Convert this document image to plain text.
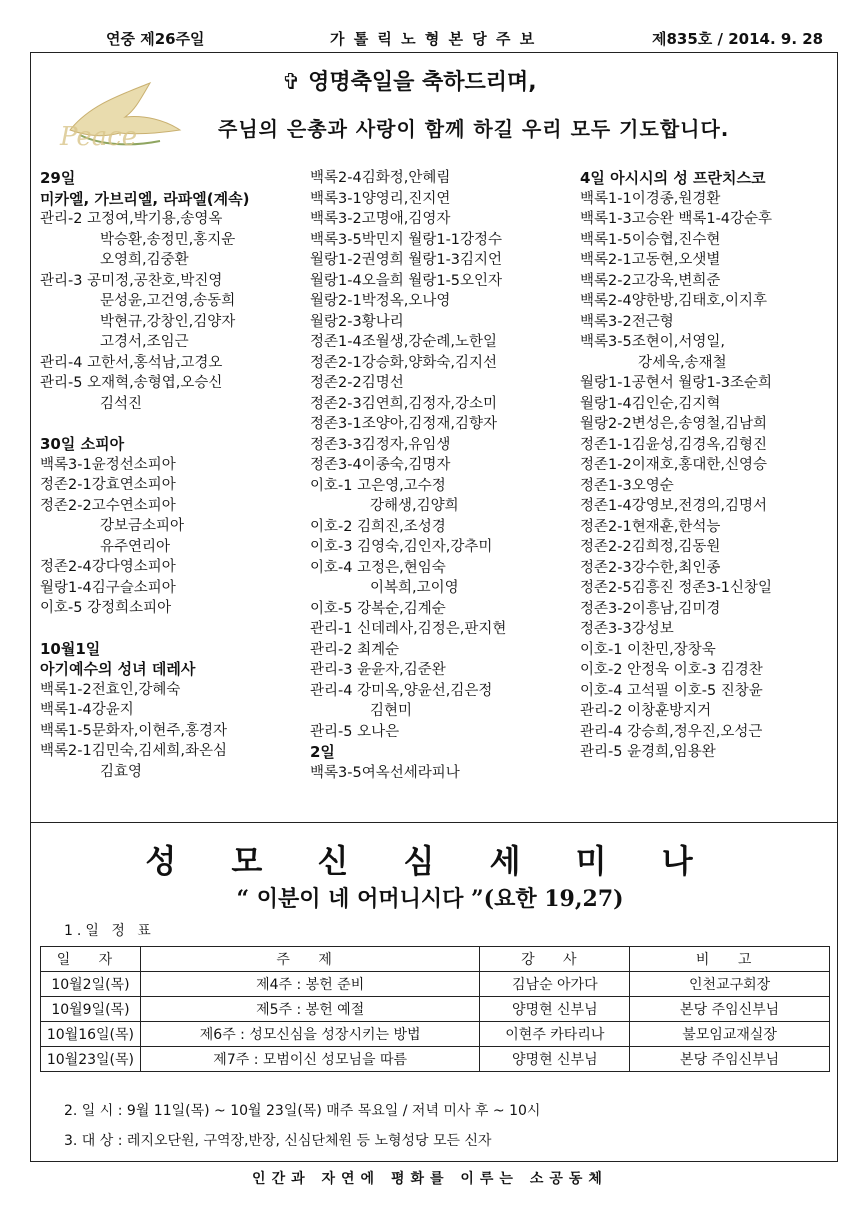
연중 제26주일	가 톨 릭 노 형 본 당 주 보	제835호 / 2014. 9. 28
Peace
✞ 영명축일을 축하드리며,
주님의 은총과 사랑이 함께 하길 우리 모두 기도합니다.
29일
미카엘, 가브리엘, 라파엘(계속)
관리-2 고정여,박기용,송영옥
박승환,송정민,홍지운
오영희,김중환
관리-3 공미정,공찬호,박진영
문성윤,고건영,송동희
박현규,강창인,김양자
고경서,조임근
관리-4 고한서,홍석남,고경오
관리-5 오재혁,송형엽,오승신
김석진
30일 소피아
백록3-1윤정선소피아
정존2-1강효연소피아
정존2-2고수연소피아
강보금소피아
유주연리아
정존2-4강다영소피아
월랑1-4김구슬소피아
이호-5 강정희소피아
10월1일
아기예수의 성녀 데레사
백록1-2전효인,강혜숙
백록1-4강윤지
백록1-5문화자,이현주,홍경자
백록2-1김민숙,김세희,좌온심
김효영
백록2-4김화정,안혜림
백록3-1양영리,진지연
백록3-2고명애,김영자
백록3-5박민지 월랑1-1강정수
월랑1-2권영희 월랑1-3김지언
월랑1-4오을희 월랑1-5오인자
월랑2-1박정옥,오나영
월랑2-3황나리
정존1-4조월생,강순례,노한일
정존2-1강승화,양화숙,김지선
정존2-2김명선
정존2-3김연희,김정자,강소미
정존3-1조양아,김정재,김향자
정존3-3김정자,유임생
정존3-4이종숙,김명자
이호-1 고은영,고수정
강해생,김양희
이호-2 김희진,조성경
이호-3 김영숙,김인자,강추미
이호-4 고정은,현임숙
이복희,고이영
이호-5 강복순,김계순
관리-1 신데레사,김정은,판지현
관리-2 최계순
관리-3 윤윤자,김준완
관리-4 강미옥,양윤선,김은정
김현미
관리-5 오나은
2일
백록3-5여옥선세라피나
4일 아시시의 성 프란치스코
백록1-1이경종,원경환
백록1-3고승완 백록1-4강순후
백록1-5이승협,진수현
백록2-1고동현,오샛별
백록2-2고강욱,변희준
백록2-4양한방,김태호,이지후
백록3-2전근형
백록3-5조현이,서영일,
강세욱,송재철
월랑1-1공현서 월랑1-3조순희
월랑1-4김인순,김지혁
월랑2-2변성은,송영철,김남희
정존1-1김윤성,김경옥,김형진
정존1-2이재호,홍대한,신영승
정존1-3오영순
정존1-4강영보,전경의,김명서
정존2-1현재훈,한석능
정존2-2김희정,김동원
정존2-3강수한,최인종
정존2-5김흥진 정존3-1신창일
정존3-2이흥남,김미경
정존3-3강성보
이호-1 이찬민,장창욱
이호-2 안정욱 이호-3 김경찬
이호-4 고석필 이호-5 진창윤
관리-2 이창훈방지거
관리-4 강승희,정우진,오성근
관리-5 윤경희,임용완
성 모 신 심 세 미 나
“ 이분이 네 어머니시다 ”(요한 19,27)
1.일 정 표
일 자	주 제	강 사	비 고
10월2일(목)	제4주 : 봉헌 준비	김남순 아가다	인천교구회장
10월9일(목)	제5주 : 봉헌 예절	양명현 신부님	본당 주임신부님
10월16일(목)	제6주 : 성모신심을 성장시키는 방법	이현주 카타리나	불모임교재실장
10월23일(목)	제7주 : 모범이신 성모님을 따름	양명현 신부님	본당 주임신부님
2. 일 시 : 9월 11일(목) ~ 10월 23일(목) 매주 목요일 / 저녁 미사 후 ~ 10시
3. 대 상 : 레지오단원, 구역장,반장, 신심단체원 등 노형성당 모든 신자
인간과 자연에 평화를 이루는 소공동체
